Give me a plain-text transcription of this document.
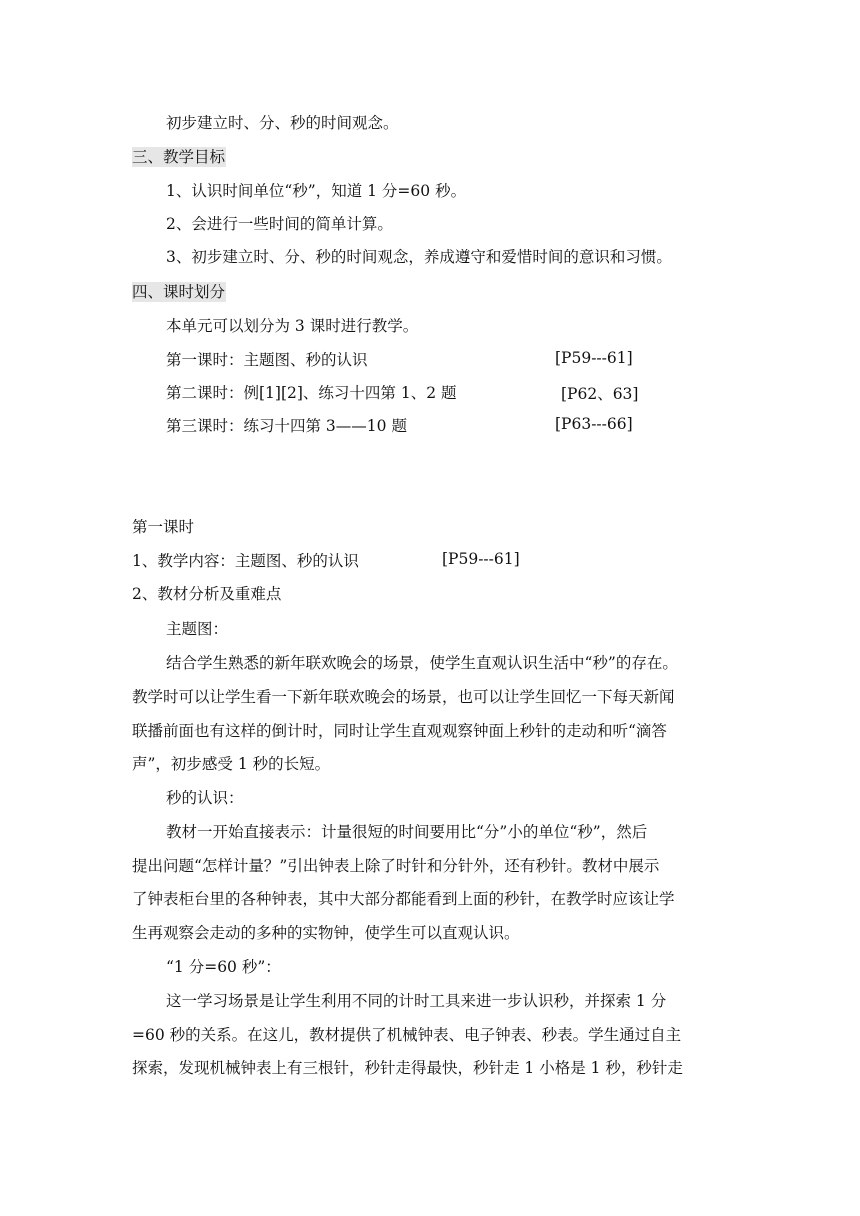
初步建立时、分、秒的时间观念。
三、教学目标
1、认识时间单位“秒”，知道 1 分=60 秒。
2、会进行一些时间的简单计算。
3、初步建立时、分、秒的时间观念，养成遵守和爱惜时间的意识和习惯。
四、课时划分
本单元可以划分为 3 课时进行教学。
第一课时：主题图、秒的认识	[P59---61]
第二课时：例[1][2]、练习十四第 1、2 题	[P62、63]
第三课时：练习十四第 3——10 题	[P63---66]
第一课时
1、教学内容：主题图、秒的认识	[P59---61]
2、教材分析及重难点
主题图：
结合学生熟悉的新年联欢晚会的场景，使学生直观认识生活中“秒”的存在。
教学时可以让学生看一下新年联欢晚会的场景，也可以让学生回忆一下每天新闻
联播前面也有这样的倒计时，同时让学生直观观察钟面上秒针的走动和听“滴答
声”，初步感受 1 秒的长短。
秒的认识：
教材一开始直接表示：计量很短的时间要用比“分”小的单位“秒”，然后
提出问题“怎样计量？”引出钟表上除了时针和分针外，还有秒针。教材中展示
了钟表柜台里的各种钟表，其中大部分都能看到上面的秒针，在教学时应该让学
生再观察会走动的多种的实物钟，使学生可以直观认识。
“1 分=60 秒”：
这一学习场景是让学生利用不同的计时工具来进一步认识秒，并探索 1 分
=60 秒的关系。在这儿，教材提供了机械钟表、电子钟表、秒表。学生通过自主
探索，发现机械钟表上有三根针，秒针走得最快，秒针走 1 小格是 1 秒，秒针走
